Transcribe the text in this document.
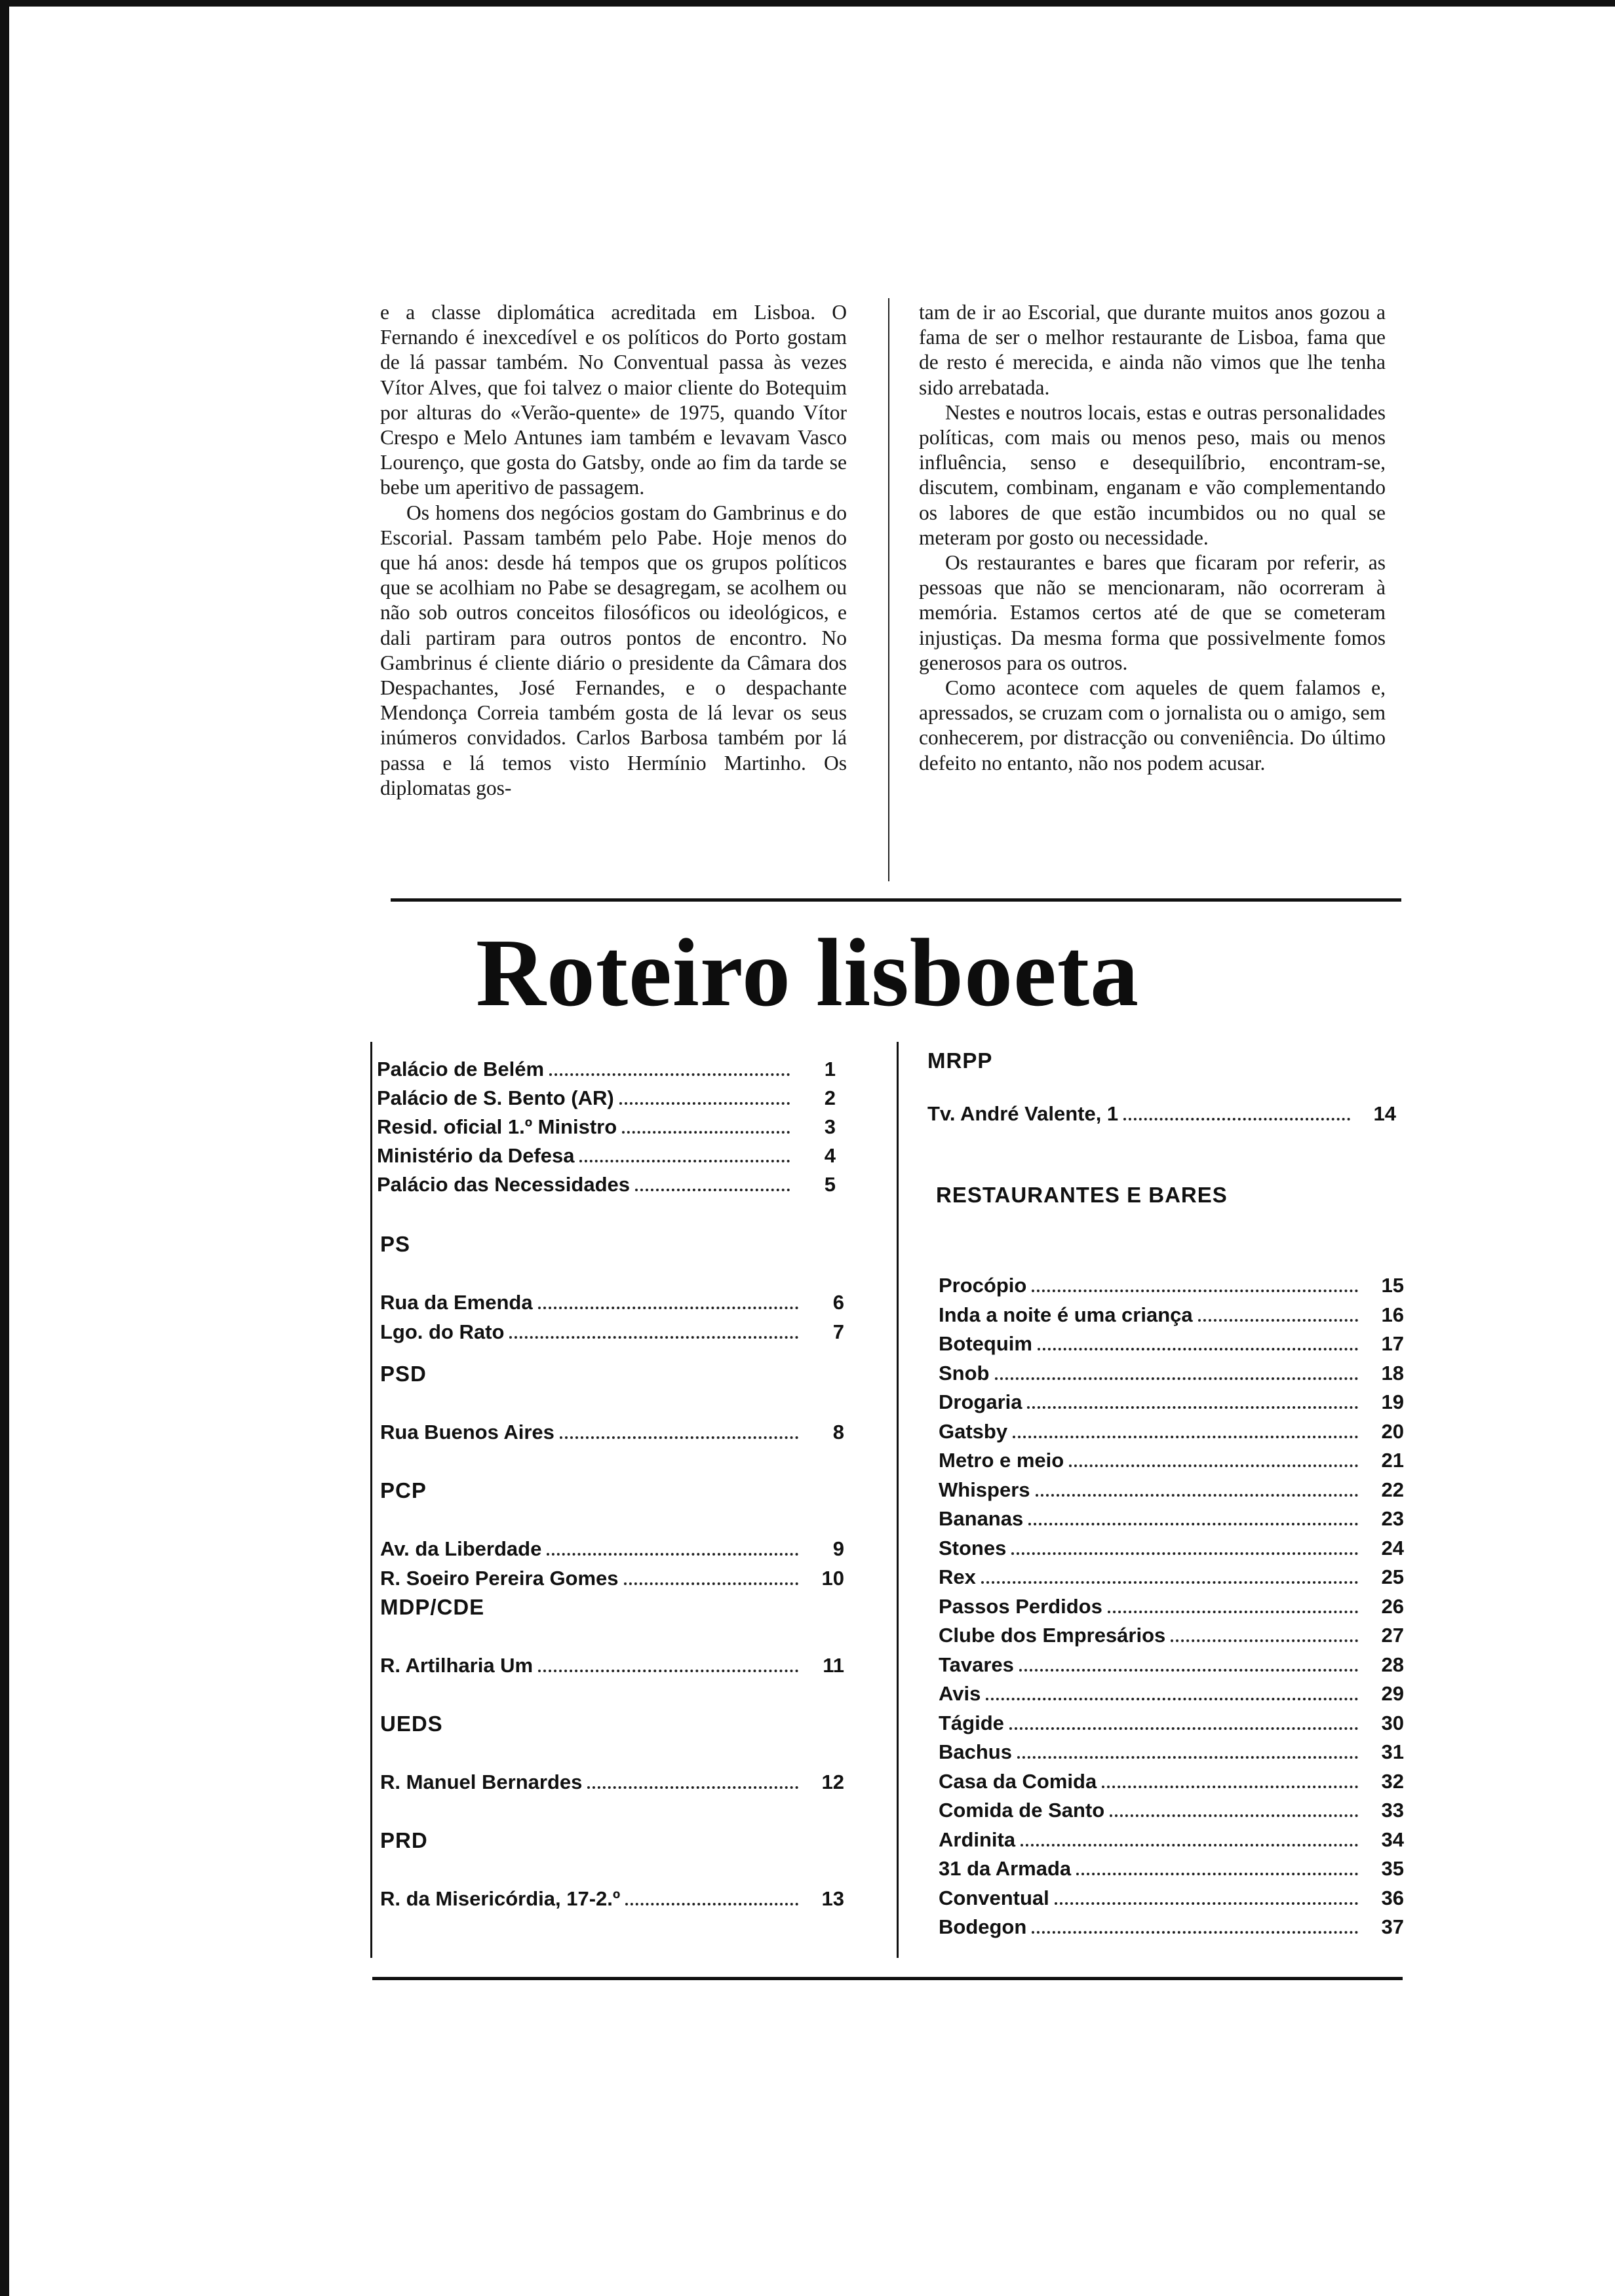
e a classe diplomática acreditada em Lisboa. O Fernando é inexcedível e os políticos do Porto gostam de lá passar também. No Conventual passa às vezes Vítor Alves, que foi talvez o maior cliente do Botequim por alturas do «Verão-quente» de 1975, quando Vítor Crespo e Melo Antunes iam também e levavam Vasco Lourenço, que gosta do Gatsby, onde ao fim da tarde se bebe um aperitivo de passagem.

Os homens dos negócios gostam do Gambrinus e do Escorial. Passam também pelo Pabe. Hoje menos do que há anos: desde há tempos que os grupos políticos que se acolhiam no Pabe se desagregam, se acolhem ou não sob outros conceitos filosóficos ou ideológicos, e dali partiram para outros pontos de encontro. No Gambrinus é cliente diário o presidente da Câmara dos Despachantes, José Fernandes, e o despachante Mendonça Correia também gosta de lá levar os seus inúmeros convidados. Carlos Barbosa também por lá passa e lá temos visto Hermínio Martinho. Os diplomatas gos-

tam de ir ao Escorial, que durante muitos anos gozou a fama de ser o melhor restaurante de Lisboa, fama que de resto é merecida, e ainda não vimos que lhe tenha sido arrebatada.

Nestes e noutros locais, estas e outras personalidades políticas, com mais ou menos peso, mais ou menos influência, senso e desequilíbrio, encontram-se, discutem, combinam, enganam e vão complementando os labores de que estão incumbidos ou no qual se meteram por gosto ou necessidade.

Os restaurantes e bares que ficaram por referir, as pessoas que não se mencionaram, não ocorreram à memória. Estamos certos até de que se cometeram injustiças. Da mesma forma que possivelmente fomos generosos para os outros.

Como acontece com aqueles de quem falamos e, apressados, se cruzam com o jornalista ou o amigo, sem conhecerem, por distracção ou conveniência. Do último defeito no entanto, não nos podem acusar.

Roteiro lisboeta
Palácio de Belém	1
Palácio de S. Bento (AR)	2
Resid. oficial 1.º Ministro	3
Ministério da Defesa	4
Palácio das Necessidades	5
PS
Rua da Emenda	6
Lgo. do Rato	7
PSD
Rua Buenos Aires	8
PCP
Av. da Liberdade	9
R. Soeiro Pereira Gomes	10
MDP/CDE
R. Artilharia Um	11
UEDS
R. Manuel Bernardes	12
PRD
R. da Misericórdia, 17-2.º	13
MRPP
Tv. André Valente, 1	14
RESTAURANTES E BARES
Procópio	15
Inda a noite é uma criança	16
Botequim	17
Snob	18
Drogaria	19
Gatsby	20
Metro e meio	21
Whispers	22
Bananas	23
Stones	24
Rex	25
Passos Perdidos	26
Clube dos Empresários	27
Tavares	28
Avis	29
Tágide	30
Bachus	31
Casa da Comida	32
Comida de Santo	33
Ardinita	34
31 da Armada	35
Conventual	36
Bodegon	37
